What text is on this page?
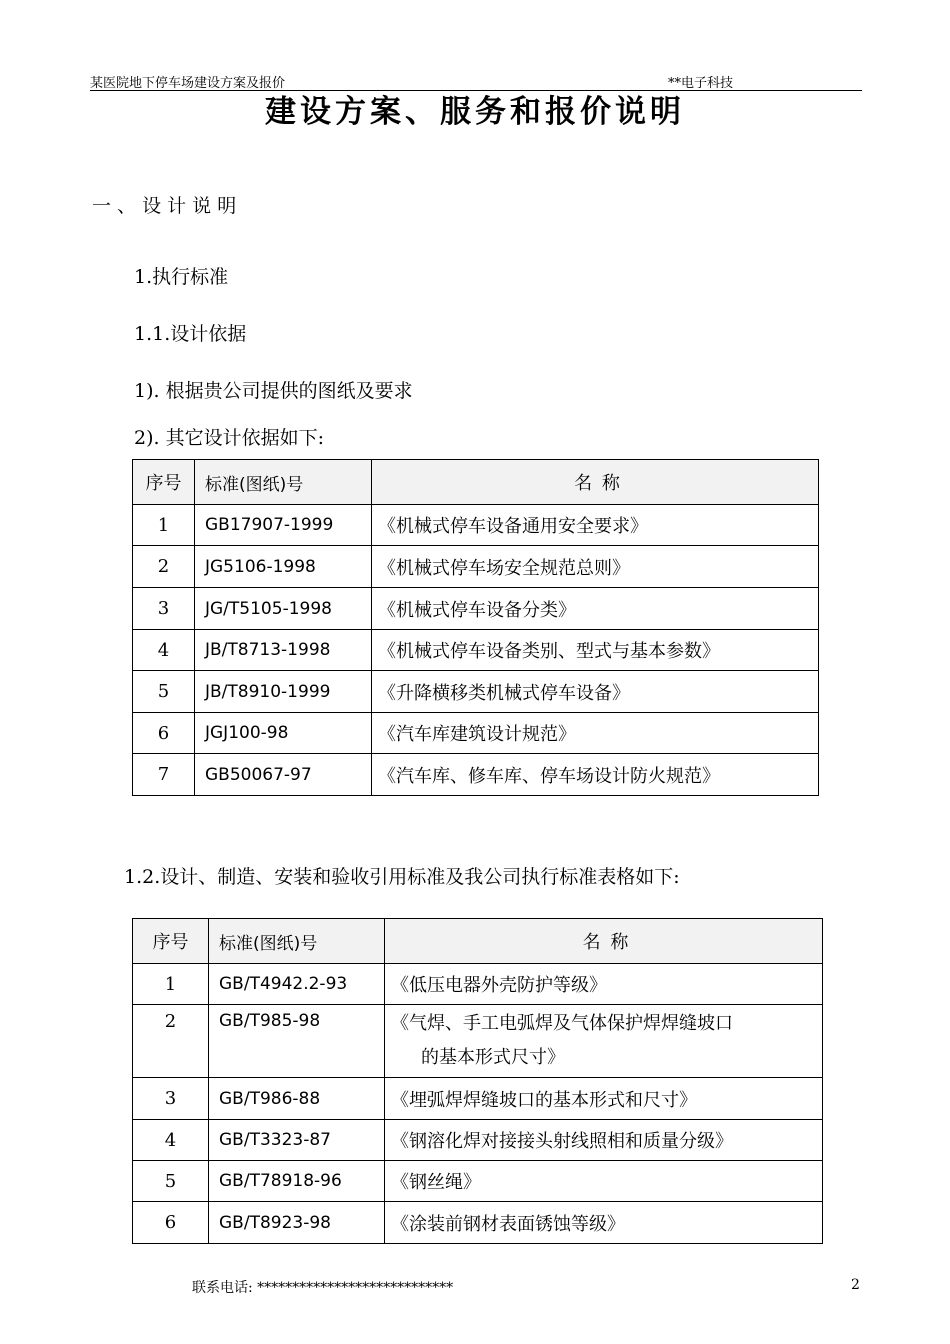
某医院地下停车场建设方案及报价	**电子科技
建设方案、服务和报价说明
一 、 设 计 说 明
1.执行标准
1.1.设计依据
1). 根据贵公司提供的图纸及要求
2). 其它设计依据如下:
序号	标准(图纸)号	名 称
1	GB17907-1999	《机械式停车设备通用安全要求》
2	JG5106-1998	《机械式停车场安全规范总则》
3	JG/T5105-1998	《机械式停车设备分类》
4	JB/T8713-1998	《机械式停车设备类别、型式与基本参数》
5	JB/T8910-1999	《升降横移类机械式停车设备》
6	JGJ100-98	《汽车库建筑设计规范》
7	GB50067-97	《汽车库、修车库、停车场设计防火规范》
1.2.设计、制造、安装和验收引用标准及我公司执行标准表格如下:
序号	标准(图纸)号	名 称
1	GB/T4942.2-93	《低压电器外壳防护等级》
2	GB/T985-98	《气焊、手工电弧焊及气体保护焊焊缝坡口
的基本形式尺寸》

3	GB/T986-88	《埋弧焊焊缝坡口的基本形式和尺寸》
4	GB/T3323-87	《钢溶化焊对接接头射线照相和质量分级》
5	GB/T78918-96	《钢丝绳》
6	GB/T8923-98	《涂装前钢材表面锈蚀等级》
联系电话: ****************************	2
